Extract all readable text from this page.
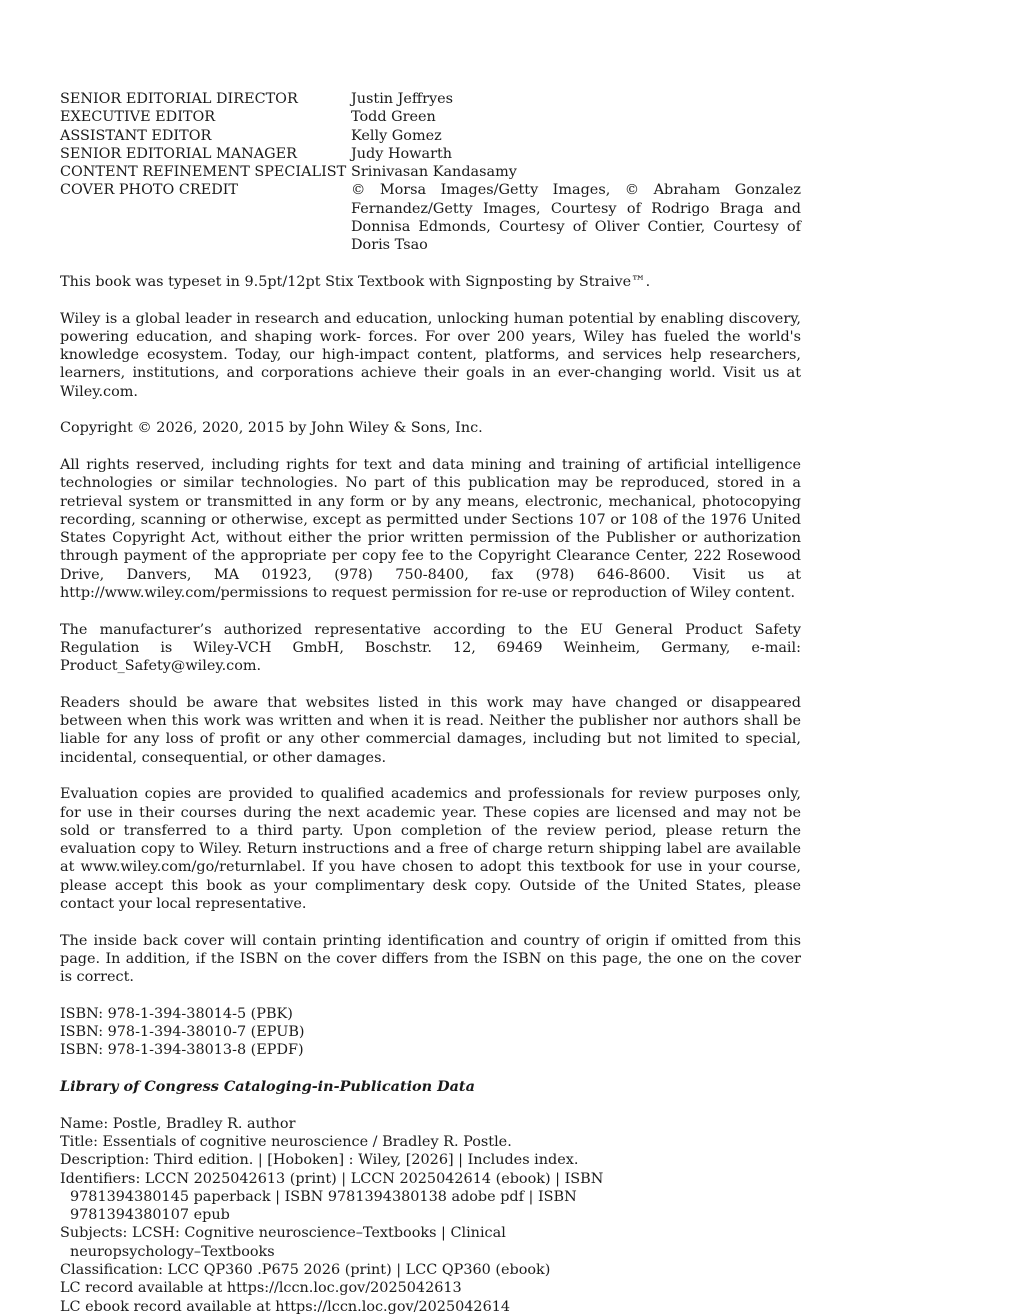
SENIOR EDITORIAL DIRECTOR	Justin Jeffryes
EXECUTIVE EDITOR	Todd Green
ASSISTANT EDITOR	Kelly Gomez
SENIOR EDITORIAL MANAGER	Judy Howarth
CONTENT REFINEMENT SPECIALIST Srinivasan Kandasamy
COVER PHOTO CREDIT	© Morsa Images/Getty Images, © Abraham Gonzalez Fernandez/Getty Images, Courtesy of Rodrigo Braga and Donnisa Edmonds, Courtesy of Oliver Contier, Courtesy of Doris Tsao

This book was typeset in 9.5pt/12pt Stix Textbook with Signposting by Straive™.

Wiley is a global leader in research and education, unlocking human potential by enabling discovery, powering education, and shaping work- forces. For over 200 years, Wiley has fueled the world's knowledge ecosystem. Today, our high-impact content, platforms, and services help researchers, learners, institutions, and corporations achieve their goals in an ever-changing world. Visit us at Wiley.com.

Copyright © 2026, 2020, 2015 by John Wiley & Sons, Inc.

All rights reserved, including rights for text and data mining and training of artificial intelligence technologies or similar technologies. No part of this publication may be reproduced, stored in a retrieval system or transmitted in any form or by any means, electronic, mechanical, photocopying recording, scanning or otherwise, except as permitted under Sections 107 or 108 of the 1976 United States Copyright Act, without either the prior written permission of the Publisher or authorization through payment of the appropriate per copy fee to the Copyright Clearance Center, 222 Rosewood Drive, Danvers, MA 01923, (978) 750-8400, fax (978) 646-8600. Visit us at http://www.wiley.com/permissions to request permission for re-use or reproduction of Wiley content.

The manufacturer’s authorized representative according to the EU General Product Safety Regulation is Wiley-VCH GmbH, Boschstr. 12, 69469 Weinheim, Germany, e-mail: Product_Safety@wiley.com.

Readers should be aware that websites listed in this work may have changed or disappeared between when this work was written and when it is read. Neither the publisher nor authors shall be liable for any loss of profit or any other commercial damages, including but not limited to special, incidental, consequential, or other damages.

Evaluation copies are provided to qualified academics and professionals for review purposes only, for use in their courses during the next academic year. These copies are licensed and may not be sold or transferred to a third party. Upon completion of the review period, please return the evaluation copy to Wiley. Return instructions and a free of charge return shipping label are available at www.wiley.com/go/returnlabel. If you have chosen to adopt this textbook for use in your course, please accept this book as your complimentary desk copy. Outside of the United States, please contact your local representative.

The inside back cover will contain printing identification and country of origin if omitted from this page. In addition, if the ISBN on the cover differs from the ISBN on this page, the one on the cover is correct.

ISBN: 978-1-394-38014-5 (PBK)
ISBN: 978-1-394-38010-7 (EPUB)
ISBN: 978-1-394-38013-8 (EPDF)
Library of Congress Cataloging-in-Publication Data
Name: Postle, Bradley R. author
Title: Essentials of cognitive neuroscience / Bradley R. Postle.
Description: Third edition. | [Hoboken] : Wiley, [2026] | Includes index.
Identifiers: LCCN 2025042613 (print) | LCCN 2025042614 (ebook) | ISBN
9781394380145 paperback | ISBN 9781394380138 adobe pdf | ISBN
9781394380107 epub
Subjects: LCSH: Cognitive neuroscience–Textbooks | Clinical
neuropsychology–Textbooks
Classification: LCC QP360 .P675 2026 (print) | LCC QP360 (ebook)
LC record available at https://lccn.loc.gov/2025042613
LC ebook record available at https://lccn.loc.gov/2025042614
